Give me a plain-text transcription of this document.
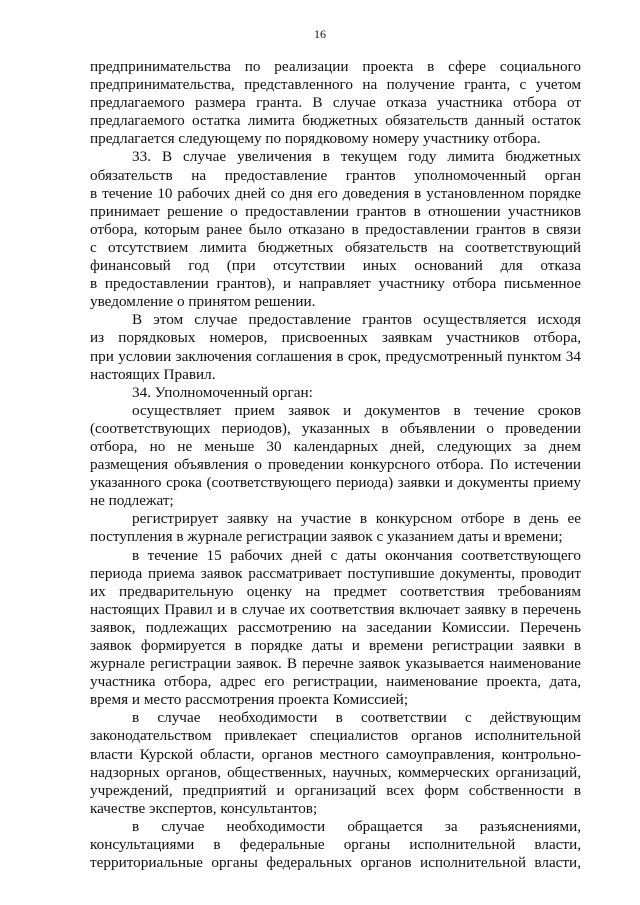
16
предпринимательства по реализации проекта в сфере социального
предпринимательства, представленного на получение гранта, с учетом
предлагаемого размера гранта. В случае отказа участника отбора от
предлагаемого остатка лимита бюджетных обязательств данный остаток
предлагается следующему по порядковому номеру участнику отбора.
33. В случае увеличения в текущем году лимита бюджетных
обязательств на предоставление грантов уполномоченный орган
в течение 10 рабочих дней со дня его доведения в установленном порядке
принимает решение о предоставлении грантов в отношении участников
отбора, которым ранее было отказано в предоставлении грантов в связи
с отсутствием лимита бюджетных обязательств на соответствующий
финансовый год (при отсутствии иных оснований для отказа
в предоставлении грантов), и направляет участнику отбора письменное
уведомление о принятом решении.
В этом случае предоставление грантов осуществляется исходя
из порядковых номеров, присвоенных заявкам участников отбора,
при условии заключения соглашения в срок, предусмотренный пунктом 34
настоящих Правил.
34. Уполномоченный орган:
осуществляет прием заявок и документов в течение сроков
(соответствующих периодов), указанных в объявлении о проведении
отбора, но не меньше 30 календарных дней, следующих за днем
размещения объявления о проведении конкурсного отбора. По истечении
указанного срока (соответствующего периода) заявки и документы приему
не подлежат;
регистрирует заявку на участие в конкурсном отборе в день ее
поступления в журнале регистрации заявок с указанием даты и времени;
в течение 15 рабочих дней с даты окончания соответствующего
периода приема заявок рассматривает поступившие документы, проводит
их предварительную оценку на предмет соответствия требованиям
настоящих Правил и в случае их соответствия включает заявку в перечень
заявок, подлежащих рассмотрению на заседании Комиссии. Перечень
заявок формируется в порядке даты и времени регистрации заявки в
журнале регистрации заявок. В перечне заявок указывается наименование
участника отбора, адрес его регистрации, наименование проекта, дата,
время и место рассмотрения проекта Комиссией;
в случае необходимости в соответствии с действующим
законодательством привлекает специалистов органов исполнительной
власти Курской области, органов местного самоуправления, контрольно-
надзорных органов, общественных, научных, коммерческих организаций,
учреждений, предприятий и организаций всех форм собственности в
качестве экспертов, консультантов;
в случае необходимости обращается за разъяснениями,
консультациями в федеральные органы исполнительной власти,
территориальные органы федеральных органов исполнительной власти,
